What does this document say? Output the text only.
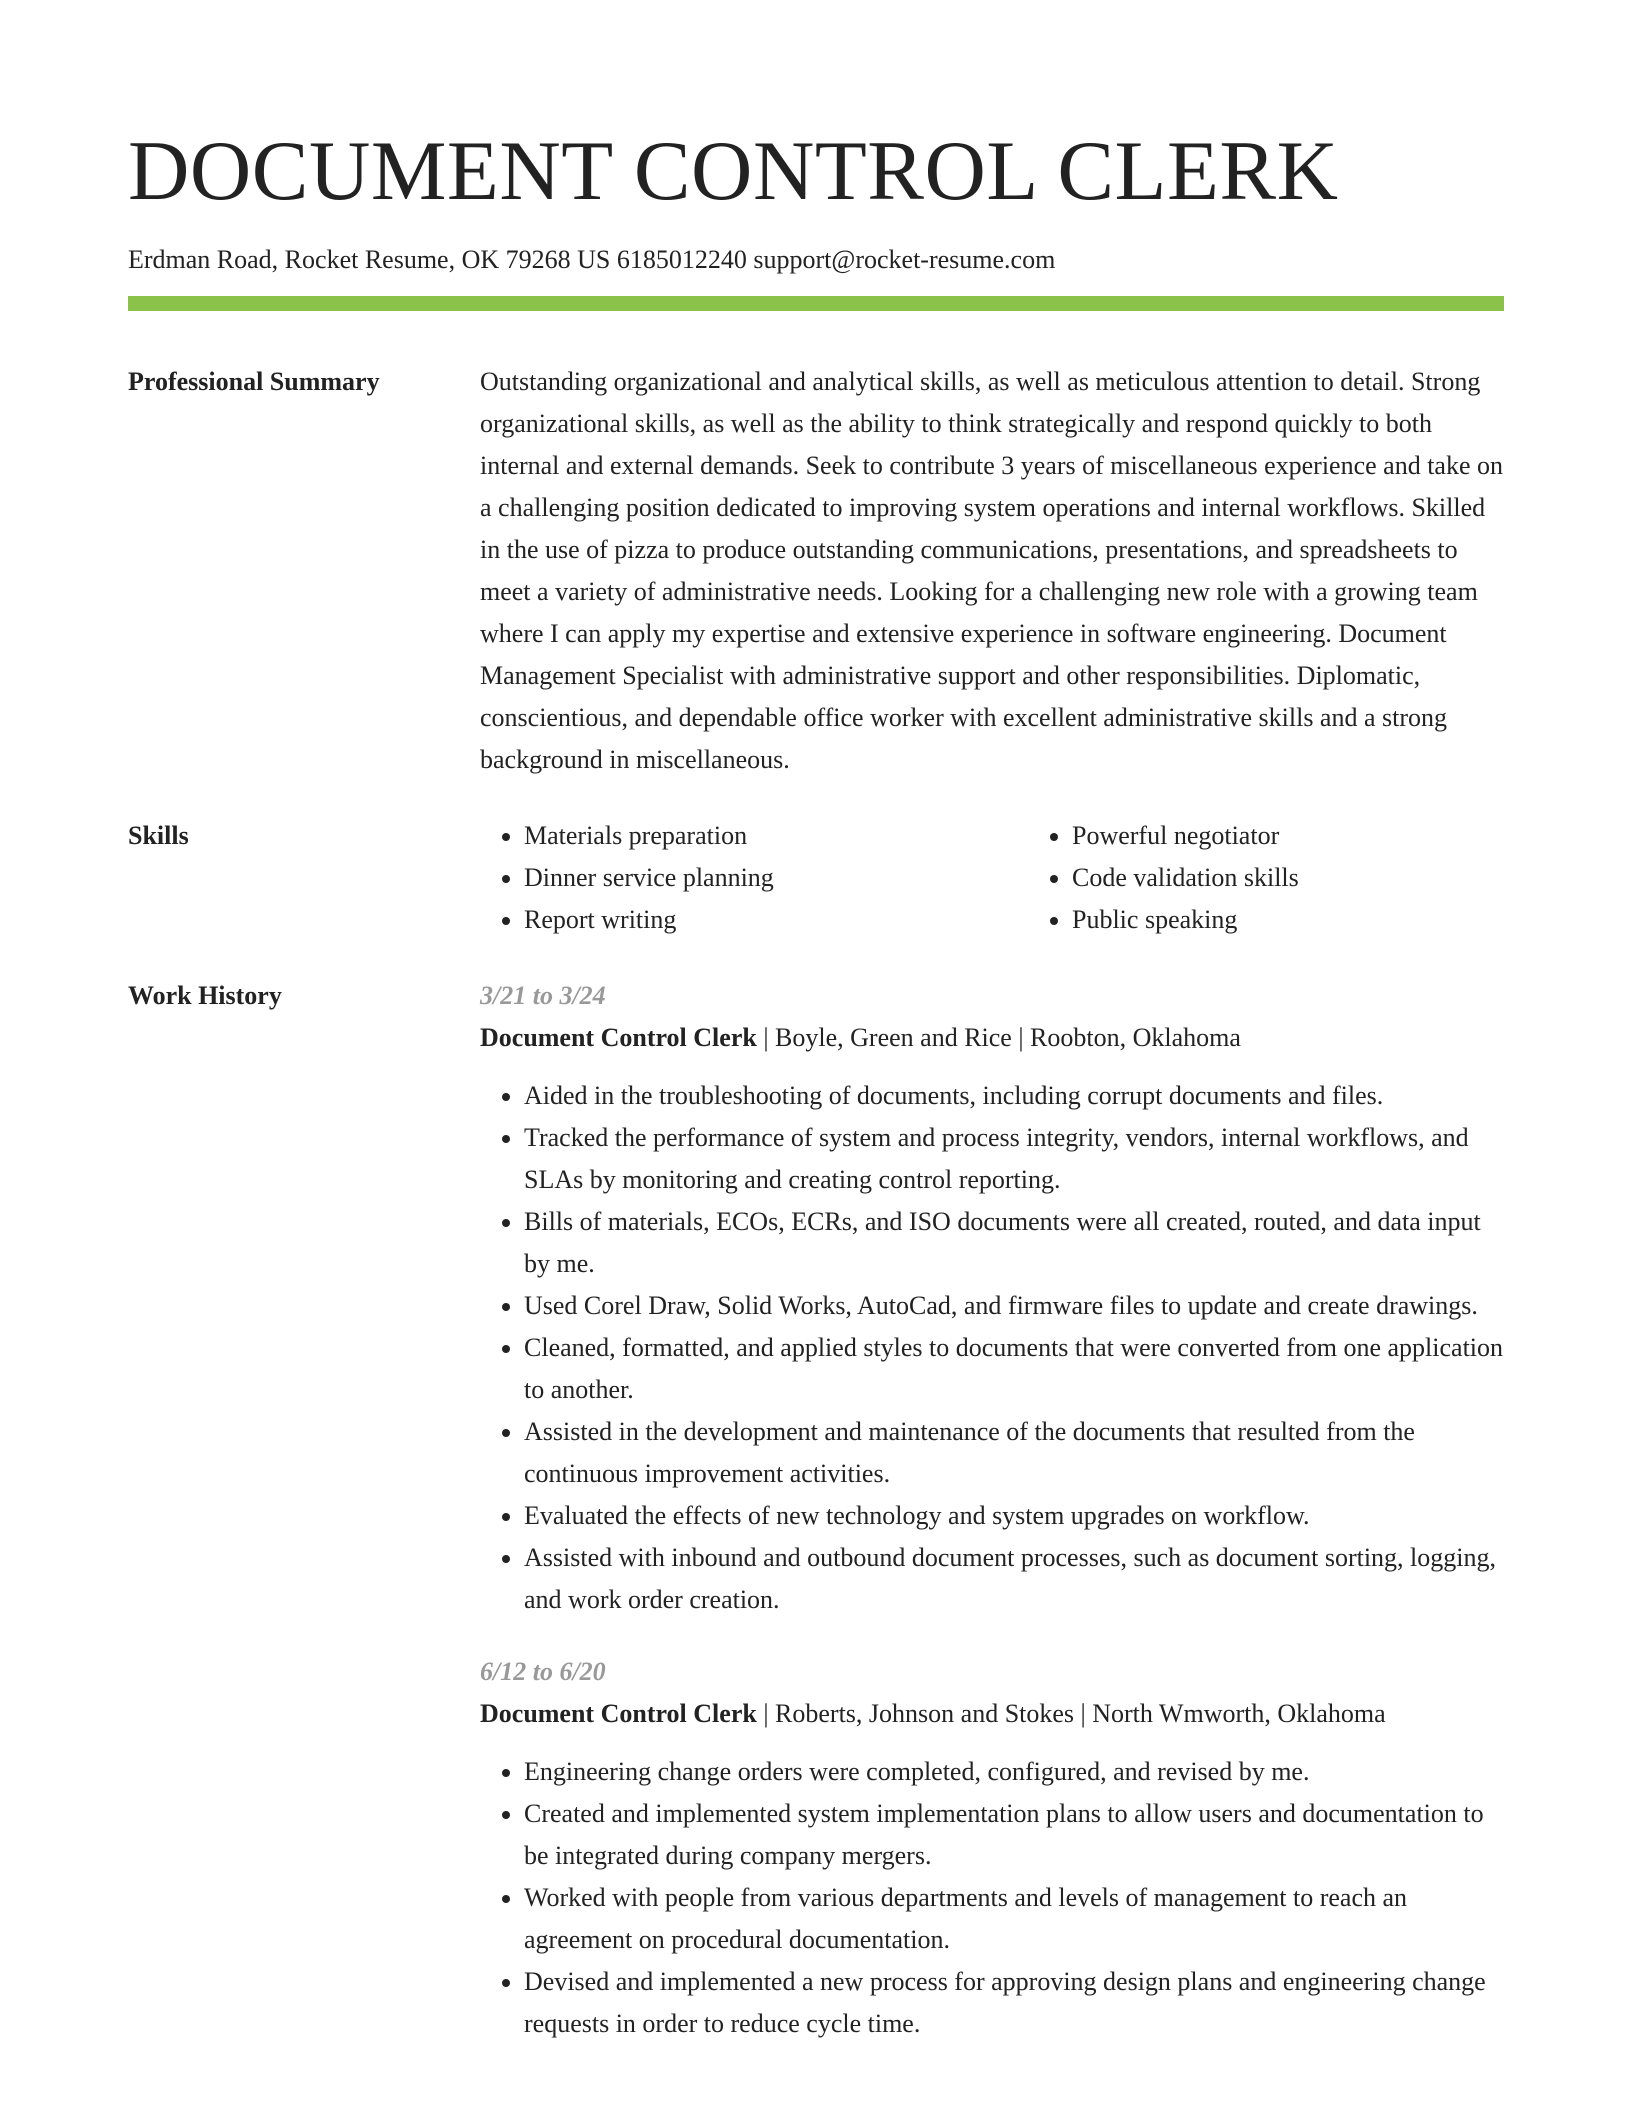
DOCUMENT CONTROL CLERK
Erdman Road, Rocket Resume, OK 79268 US 6185012240 support@rocket-resume.com
Professional Summary	Outstanding organizational and analytical skills, as well as meticulous attention to detail. Strong organizational skills, as well as the ability to think strategically and respond quickly to both internal and external demands. Seek to contribute 3 years of miscellaneous experience and take on a challenging position dedicated to improving system operations and internal workflows. Skilled in the use of pizza to produce outstanding communications, presentations, and spreadsheets to meet a variety of administrative needs. Looking for a challenging new role with a growing team where I can apply my expertise and extensive experience in software engineering. Document Management Specialist with administrative support and other responsibilities. Diplomatic, conscientious, and dependable office worker with excellent administrative skills and a strong background in miscellaneous.

Skills
•	Materials preparation
• Dinner service planning
• Report writing
• Powerful negotiator
• Code validation skills
• Public speaking
Work History	3/21 to 3/24
Document Control Clerk | Boyle, Green and Rice | Roobton, Oklahoma
• Aided in the troubleshooting of documents, including corrupt documents and files.
• Tracked the performance of system and process integrity, vendors, internal workflows, and SLAs by monitoring and creating control reporting.
• Bills of materials, ECOs, ECRs, and ISO documents were all created, routed, and data input by me.
• Used Corel Draw, Solid Works, AutoCad, and firmware files to update and create drawings.
• Cleaned, formatted, and applied styles to documents that were converted from one application to another.
• Assisted in the development and maintenance of the documents that resulted from the continuous improvement activities.
• Evaluated the effects of new technology and system upgrades on workflow.
• Assisted with inbound and outbound document processes, such as document sorting, logging, and work order creation.
6/12 to 6/20
Document Control Clerk | Roberts, Johnson and Stokes | North Wmworth, Oklahoma
• Engineering change orders were completed, configured, and revised by me.
• Created and implemented system implementation plans to allow users and documentation to be integrated during company mergers.
• Worked with people from various departments and levels of management to reach an agreement on procedural documentation.
• Devised and implemented a new process for approving design plans and engineering change requests in order to reduce cycle time.
